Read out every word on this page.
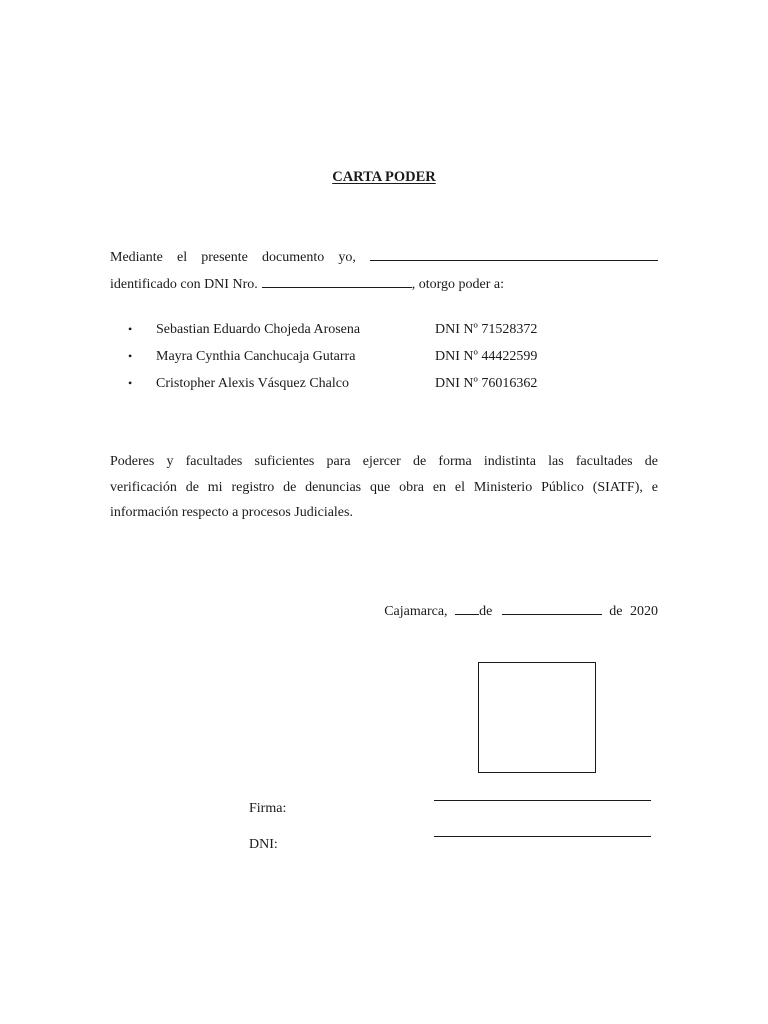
CARTA PODER
Mediante el presente documento yo,
identificado con DNI Nro.	, otorgo poder a:
• Sebastian Eduardo Chojeda Arosena	DNI Nº 71528372
• Mayra Cynthia Canchucaja Gutarra	DNI Nº 44422599
• Cristopher Alexis Vásquez Chalco	DNI Nº 76016362
Poderes y facultades suficientes para ejercer de forma indistinta las facultades de
verificación de mi registro de denuncias que obra en el Ministerio Público (SIATF), e
información respecto a procesos Judiciales.
Cajamarca, de	de 2020
Firma:
DNI:
